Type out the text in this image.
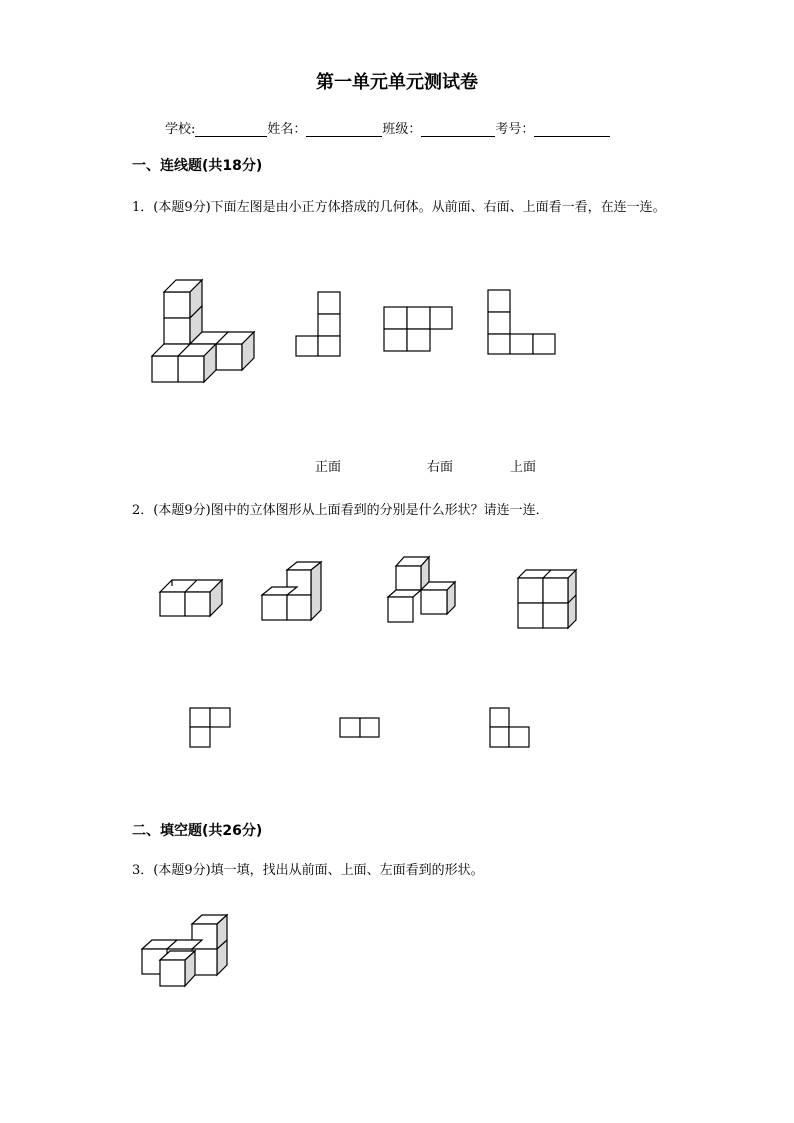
第一单元单元测试卷
学校:	姓名：	班级：	考号：
一、连线题(共18分)
1．(本题9分)下面左图是由小正方体搭成的几何体。从前面、右面、上面看一看，在连一连。
正面	右面	上面
2．(本题9分)图中的立体图形从上面看到的分别是什么形状？请连一连．
二、填空题(共26分)
3．(本题9分)填一填，找出从前面、上面、左面看到的形状。
